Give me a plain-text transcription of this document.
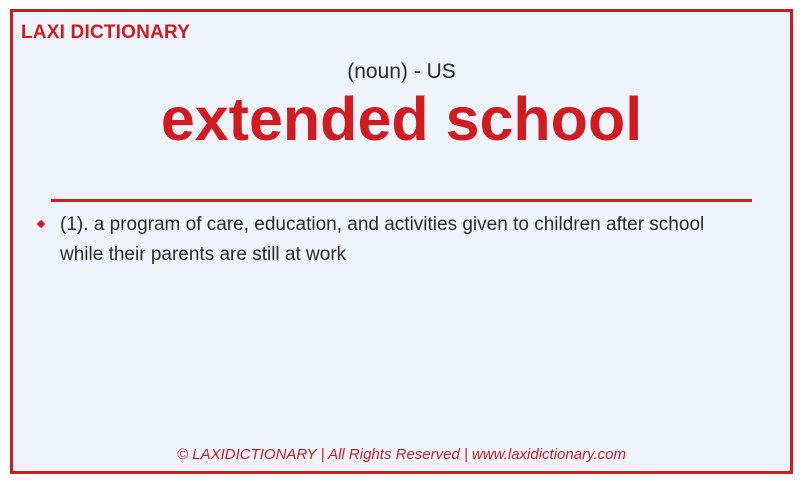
LAXI DICTIONARY
(noun) - US
extended school
(1). a program of care, education, and activities given to children after school while their parents are still at work
© LAXIDICTIONARY | All Rights Reserved | www.laxidictionary.com
